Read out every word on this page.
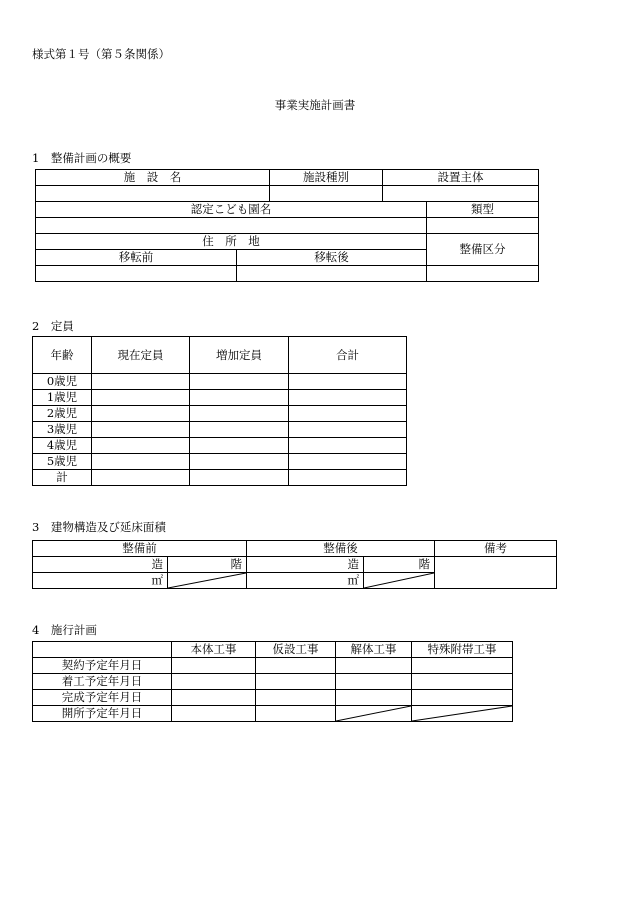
様式第１号（第５条関係）
事業実施計画書
1　整備計画の概要
施　設　名		施設種別	設置主体	

認定こども園名				類型

住　所　地				整備区分
移転前	移転後			

2　定員
年齢	現在定員	増加定員	合計
0歳児			
1歳児			
2歳児			
3歳児			
4歳児			
5歳児			
計			
3　建物構造及び延床面積
整備前		整備後		備考
造	階	造	階	
㎡		㎡	
4　施行計画
	本体工事	仮設工事	解体工事	特殊附帯工事
契約予定年月日				
着工予定年月日				
完成予定年月日				
開所予定年月日			
